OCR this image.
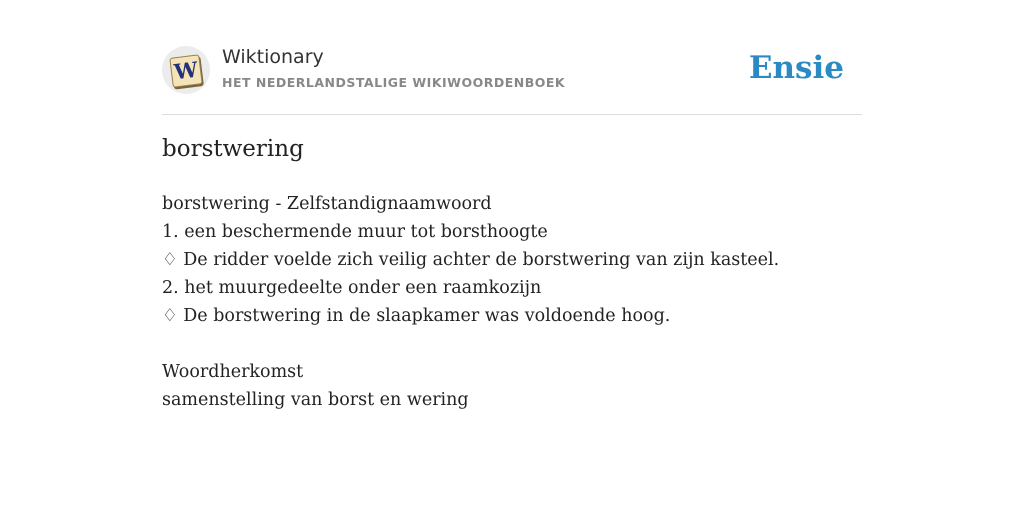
W Wiktionary
HET NEDERLANDSTALIGE WIKIWOORDENBOEK	Ensie
borstwering
borstwering - Zelfstandignaamwoord
1. een beschermende muur tot borsthoogte
♢ De ridder voelde zich veilig achter de borstwering van zijn kasteel.
2. het muurgedeelte onder een raamkozijn
♢ De borstwering in de slaapkamer was voldoende hoog.
Woordherkomst
samenstelling van borst en wering
